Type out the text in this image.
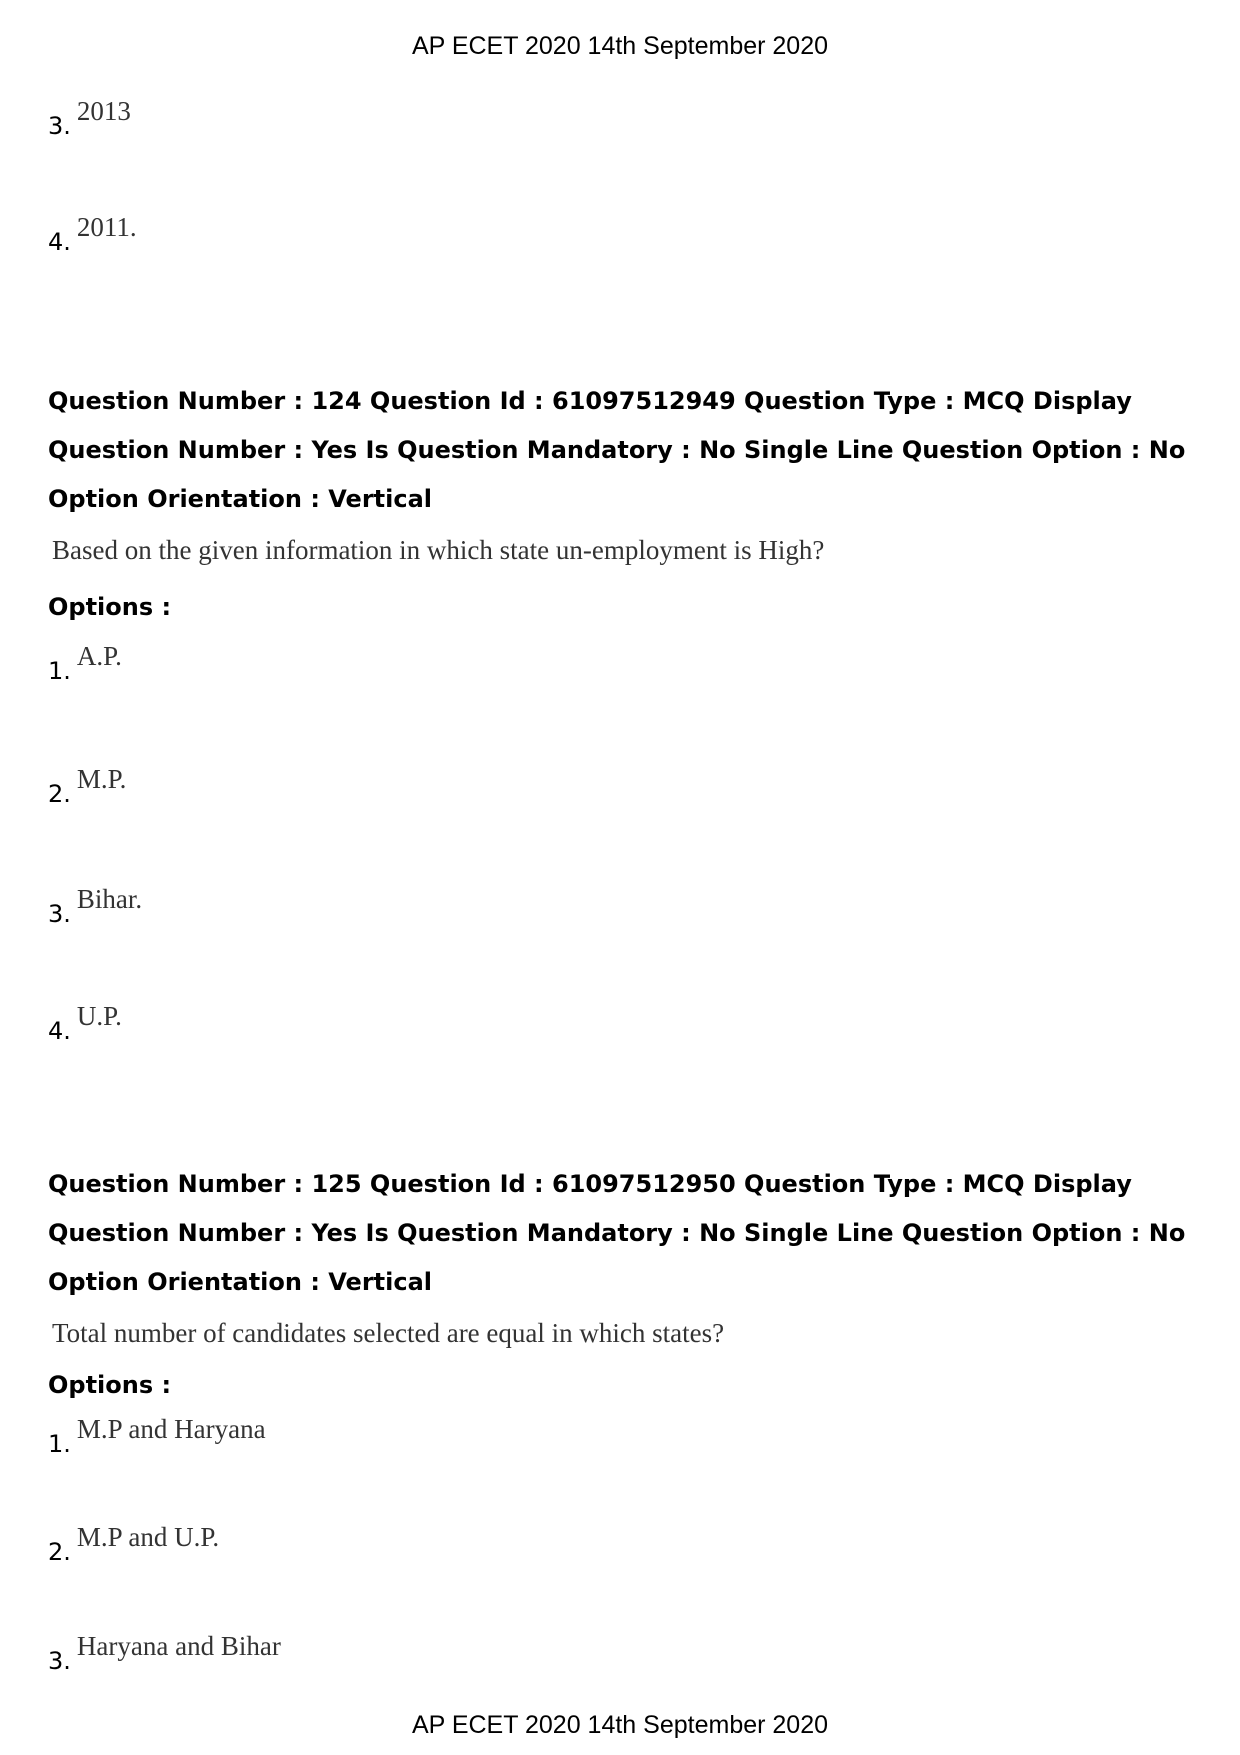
AP ECET 2020 14th September 2020
3. 2013
4. 2011.

Question Number : 124 Question Id : 61097512949 Question Type : MCQ Display Question Number : Yes Is Question Mandatory : No Single Line Question Option : No Option Orientation : Vertical

Based on the given information in which state un-employment is High?
Options :
1. A.P.
2. M.P.
3. Bihar.
4. U.P.

Question Number : 125 Question Id : 61097512950 Question Type : MCQ Display Question Number : Yes Is Question Mandatory : No Single Line Question Option : No Option Orientation : Vertical

Total number of candidates selected are equal in which states?
Options :
1. M.P and Haryana
2. M.P and U.P.
3. Haryana and Bihar
AP ECET 2020 14th September 2020
